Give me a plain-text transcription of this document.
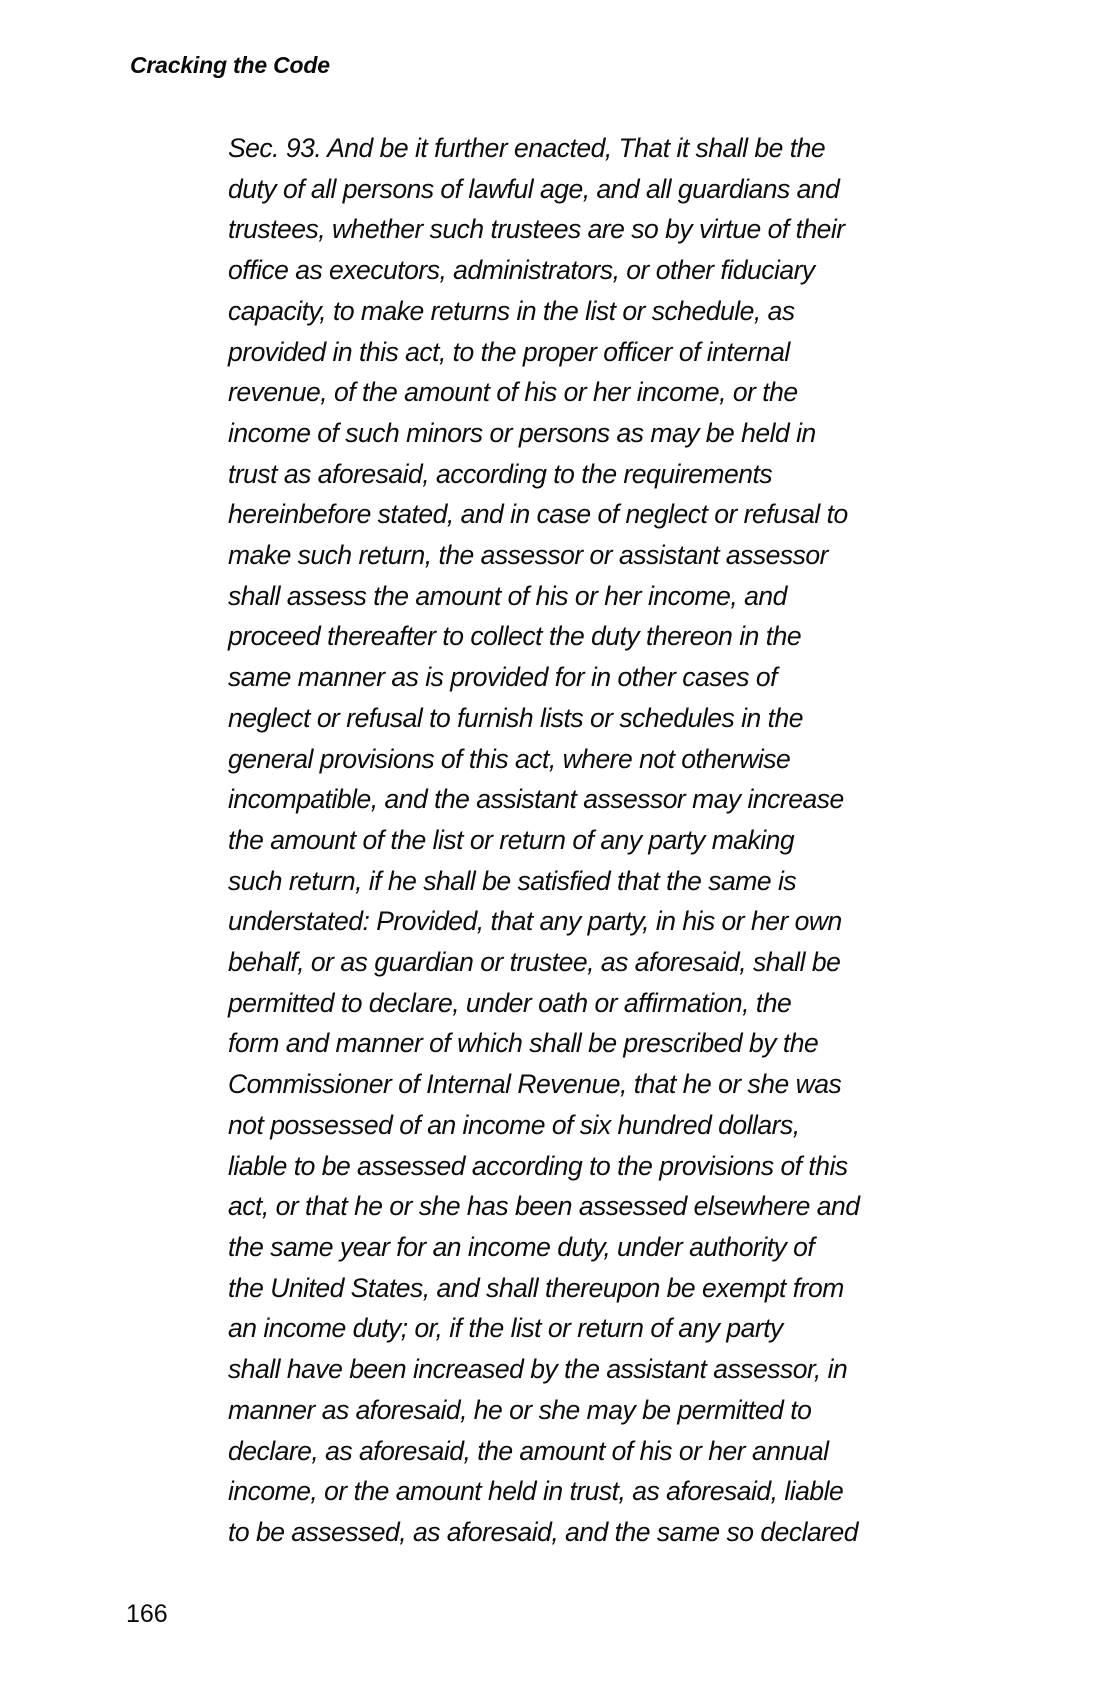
Cracking the Code
Sec. 93. And be it further enacted, That it shall be the
duty of all persons of lawful age, and all guardians and
trustees, whether such trustees are so by virtue of their
office as executors, administrators, or other fiduciary
capacity, to make returns in the list or schedule, as
provided in this act, to the proper officer of internal
revenue, of the amount of his or her income, or the
income of such minors or persons as may be held in
trust as aforesaid, according to the requirements
hereinbefore stated, and in case of neglect or refusal to
make such return, the assessor or assistant assessor
shall assess the amount of his or her income, and
proceed thereafter to collect the duty thereon in the
same manner as is provided for in other cases of
neglect or refusal to furnish lists or schedules in the
general provisions of this act, where not otherwise
incompatible, and the assistant assessor may increase
the amount of the list or return of any party making
such return, if he shall be satisfied that the same is
understated: Provided, that any party, in his or her own
behalf, or as guardian or trustee, as aforesaid, shall be
permitted to declare, under oath or affirmation, the
form and manner of which shall be prescribed by the
Commissioner of Internal Revenue, that he or she was
not possessed of an income of six hundred dollars,
liable to be assessed according to the provisions of this
act, or that he or she has been assessed elsewhere and
the same year for an income duty, under authority of
the United States, and shall thereupon be exempt from
an income duty; or, if the list or return of any party
shall have been increased by the assistant assessor, in
manner as aforesaid, he or she may be permitted to
declare, as aforesaid, the amount of his or her annual
income, or the amount held in trust, as aforesaid, liable
to be assessed, as aforesaid, and the same so declared
166
